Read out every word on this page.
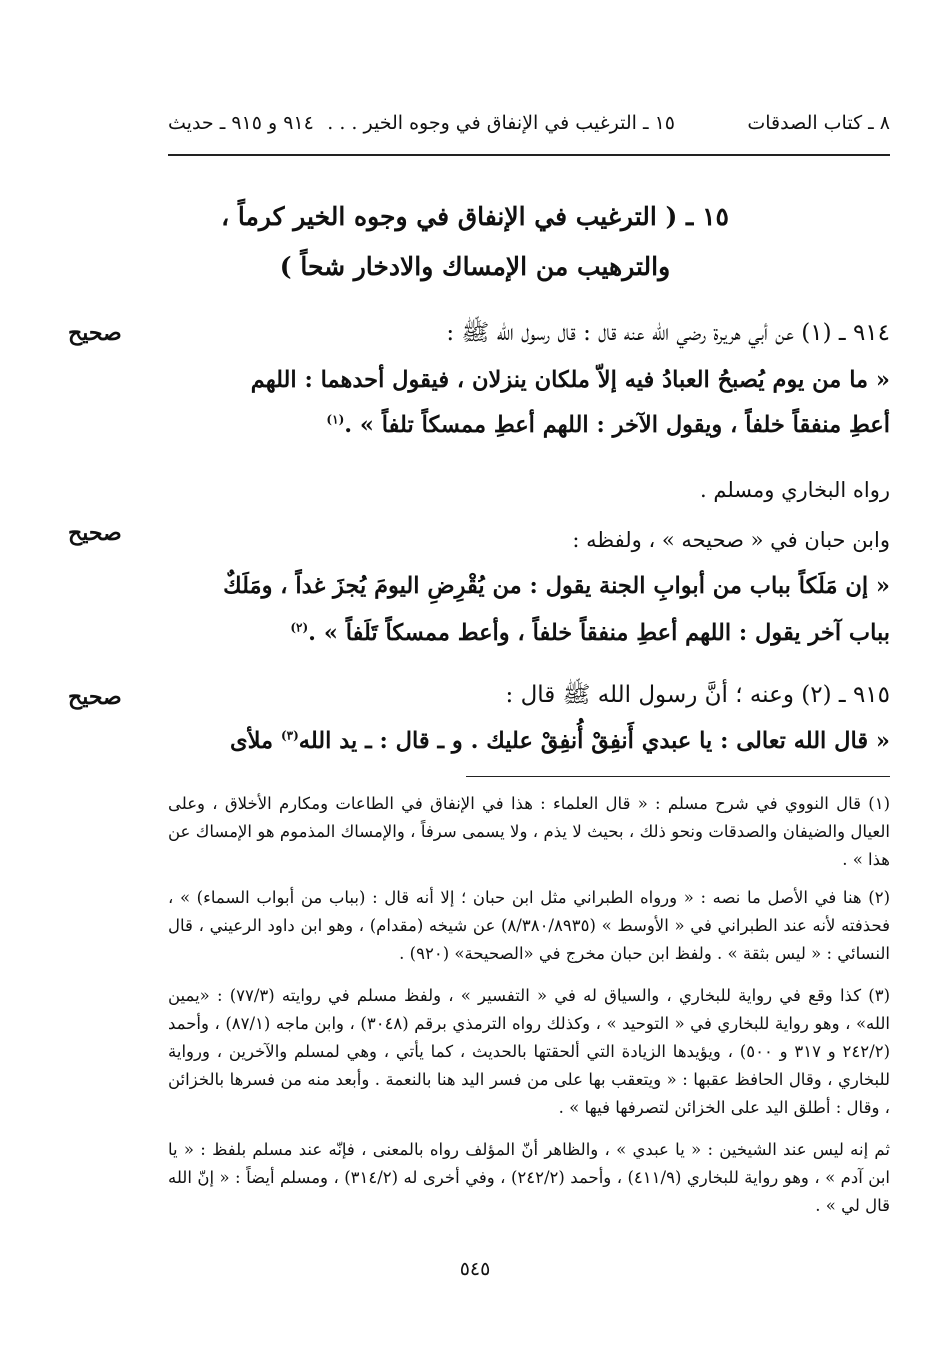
٨ ـ كتاب الصدقات
١٥ ـ الترغيب في الإنفاق في وجوه الخير . . .
٩١٤ و ٩١٥ ـ حديث
١٥ ـ ( الترغيب في الإنفاق في وجوه الخير كرماً ،
والترهيب من الإمساك والادخار شحاً )
صحيح	٩١٤ ـ (١) عن أبي هريرة رضي الله عنه قال : قال رسول الله ﷺ :
« ما من يوم يُصبحُ العبادُ فيه إلاّ ملكان ينزلان ، فيقول أحدهما : اللهم
أعطِ منفقاً خلفاً ، ويقول الآخر : اللهم أعطِ ممسكاً تلفاً » .$^{(١)}$
رواه البخاري ومسلم .
صحيح	وابن حبان في « صحيحه » ، ولفظه :
« إن مَلَكاً بباب من أبوابِ الجنة يقول : من يُقْرِضِ اليومَ يُجزَ غداً ، ومَلَكٌ
بباب آخر يقول : اللهم أعطِ منفقاً خلفاً ، وأعط ممسكاً تَلَفاً » .$^{(٢)}$
صحيح	٩١٥ ـ (٢) وعنه ؛ أنَّ رسول الله ﷺ قال :
« قال الله تعالى : يا عبدي أَنفِقْ أُنفِقْ عليك . و ـ قال : ـ يد الله$^{(٣)}$ ملأى
(١) قال النووي في شرح مسلم : « قال العلماء : هذا في الإنفاق في الطاعات ومكارم الأخلاق ، وعلى العيال والضيفان والصدقات ونحو ذلك ، بحيث لا يذم ، ولا يسمى سرفاً ، والإمساك المذموم هو الإمساك عن هذا » .
(٢) هنا في الأصل ما نصه : « ورواه الطبراني مثل ابن حبان ؛ إلا أنه قال : (بباب من أبواب السماء) » ، فحذفته لأنه عند الطبراني في « الأوسط » (٨/٣٨٠/٨٩٣٥) عن شيخه (مقدام) ، وهو ابن داود الرعيني ، قال النسائي : « ليس بثقة » . ولفظ ابن حبان مخرج في «الصحيحة» (٩٢٠) .
(٣) كذا وقع في رواية للبخاري ، والسياق له في « التفسير » ، ولفظ مسلم في روايته (٧٧/٣) : «يمين الله» ، وهو رواية للبخاري في « التوحيد » ، وكذلك رواه الترمذي برقم (٣٠٤٨) ، وابن ماجه (٨٧/١) ، وأحمد (٢٤٢/٢ و ٣١٧ و ٥٠٠) ، ويؤيدها الزيادة التي ألحقتها بالحديث ، كما يأتي ، وهي لمسلم والآخرين ، ورواية للبخاري ، وقال الحافظ عقبها : « ويتعقب بها على من فسر اليد هنا بالنعمة . وأبعد منه من فسرها بالخزائن ، وقال : أطلق اليد على الخزائن لتصرفها فيها » .
ثم إنه ليس عند الشيخين : « يا عبدي » ، والظاهر أنّ المؤلف رواه بالمعنى ، فإنّه عند مسلم بلفظ : « يا ابن آدم » ، وهو رواية للبخاري (٤١١/٩) ، وأحمد (٢٤٢/٢) ، وفي أخرى له (٣١٤/٢) ، ومسلم أيضاً : « إنّ الله قال لي » .
٥٤٥
